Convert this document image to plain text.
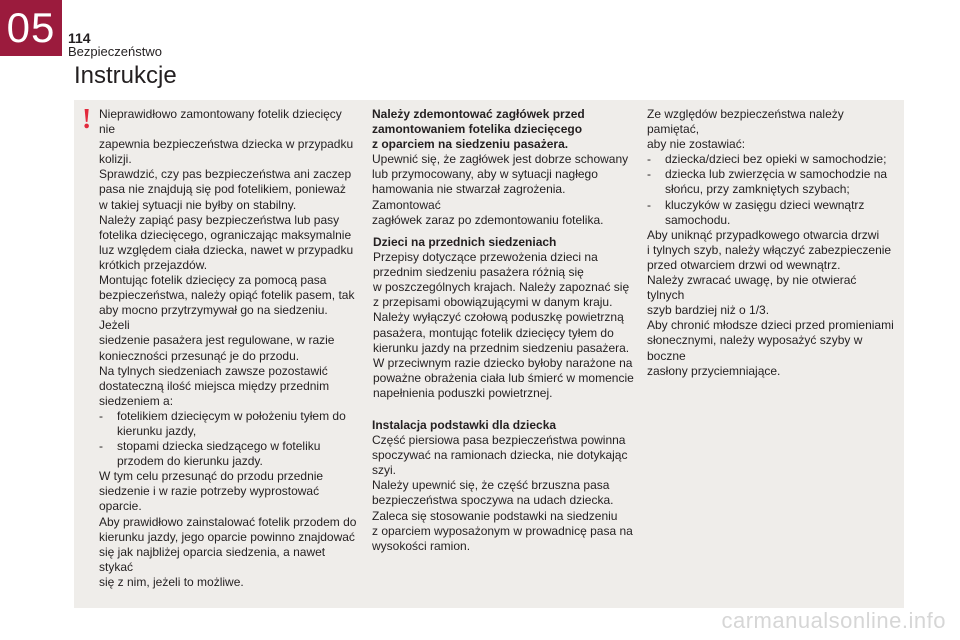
05 114
Bezpieczeństwo
Instrukcje
! Nieprawidłowo zamontowany fotelik dziecięcy nie
zapewnia bezpieczeństwa dziecka w przypadku
kolizji.
Sprawdzić, czy pas bezpieczeństwa ani zaczep
pasa nie znajdują się pod fotelikiem, ponieważ
w takiej sytuacji nie byłby on stabilny.
Należy zapiąć pasy bezpieczeństwa lub pasy
fotelika dziecięcego, ograniczając maksymalnie
luz względem ciała dziecka, nawet w przypadku
krótkich przejazdów.
Montując fotelik dziecięcy za pomocą pasa
bezpieczeństwa, należy opiąć fotelik pasem, tak
aby mocno przytrzymywał go na siedzeniu. Jeżeli
siedzenie pasażera jest regulowane, w razie
konieczności przesunąć je do przodu.
Na tylnych siedzeniach zawsze pozostawić
dostateczną ilość miejsca między przednim
siedzeniem a:
-	fotelikiem dziecięcym w położeniu tyłem do
kierunku jazdy,
-	stopami dziecka siedzącego w foteliku
przodem do kierunku jazdy.
W tym celu przesunąć do przodu przednie
siedzenie i w razie potrzeby wyprostować oparcie.
Aby prawidłowo zainstalować fotelik przodem do
kierunku jazdy, jego oparcie powinno znajdować
się jak najbliżej oparcia siedzenia, a nawet stykać
się z nim, jeżeli to możliwe.
Należy zdemontować zagłówek przed
zamontowaniem fotelika dziecięcego
z oparciem na siedzeniu pasażera.
Upewnić się, że zagłówek jest dobrze schowany
lub przymocowany, aby w sytuacji nagłego
hamowania nie stwarzał zagrożenia. Zamontować
zagłówek zaraz po zdemontowaniu fotelika.

Dzieci na przednich siedzeniach

Przepisy dotyczące przewożenia dzieci na
przednim siedzeniu pasażera różnią się
w poszczególnych krajach. Należy zapoznać się
z przepisami obowiązującymi w danym kraju.
Należy wyłączyć czołową poduszkę powietrzną
pasażera, montując fotelik dziecięcy tyłem do
kierunku jazdy na przednim siedzeniu pasażera.
W przeciwnym razie dziecko byłoby narażone na
poważne obrażenia ciała lub śmierć w momencie
napełnienia poduszki powietrznej.

Instalacja podstawki dla dziecka

Część piersiowa pasa bezpieczeństwa powinna
spoczywać na ramionach dziecka, nie dotykając
szyi.
Należy upewnić się, że część brzuszna pasa
bezpieczeństwa spoczywa na udach dziecka.
Zaleca się stosowanie podstawki na siedzeniu
z oparciem wyposażonym w prowadnicę pasa na
wysokości ramion.
Ze względów bezpieczeństwa należy pamiętać,
aby nie zostawiać:
-	dziecka/dzieci bez opieki w samochodzie;
-	dziecka lub zwierzęcia w samochodzie na
słońcu, przy zamkniętych szybach;
-	kluczyków w zasięgu dzieci wewnątrz
samochodu.
Aby uniknąć przypadkowego otwarcia drzwi
i tylnych szyb, należy włączyć zabezpieczenie
przed otwarciem drzwi od wewnątrz.
Należy zwracać uwagę, by nie otwierać tylnych
szyb bardziej niż o 1/3.
Aby chronić młodsze dzieci przed promieniami
słonecznymi, należy wyposażyć szyby w boczne
zasłony przyciemniające.
carmanualsonline.info
